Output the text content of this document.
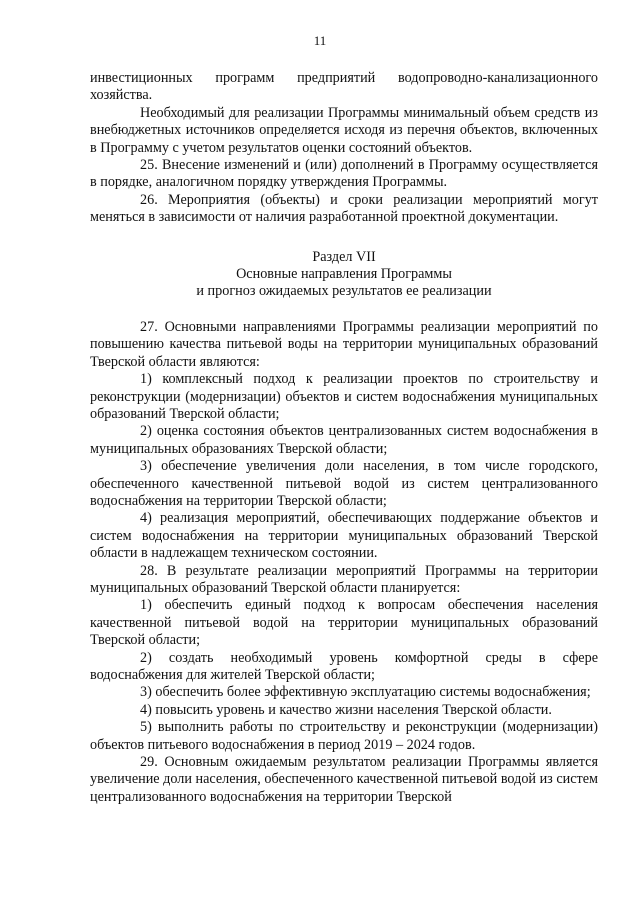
11

инвестиционных программ предприятий водопроводно-канализационного хозяйства.

Необходимый для реализации Программы минимальный объем средств из внебюджетных источников определяется исходя из перечня объектов, включенных в Программу с учетом результатов оценки состояний объектов.

25. Внесение изменений и (или) дополнений в Программу осуществляется в порядке, аналогичном порядку утверждения Программы.

26. Мероприятия (объекты) и сроки реализации мероприятий могут меняться в зависимости от наличия разработанной проектной документации.

Раздел VII

Основные направления Программы

и прогноз ожидаемых результатов ее реализации

27. Основными направлениями Программы реализации мероприятий по повышению качества питьевой воды на территории муниципальных образований Тверской области являются:

1) комплексный подход к реализации проектов по строительству и реконструкции (модернизации) объектов и систем водоснабжения муниципальных образований Тверской области;

2) оценка состояния объектов централизованных систем водоснабжения в муниципальных образованиях Тверской области;

3) обеспечение увеличения доли населения, в том числе городского, обеспеченного качественной питьевой водой из систем централизованного водоснабжения на территории Тверской области;

4) реализация мероприятий, обеспечивающих поддержание объектов и систем водоснабжения на территории муниципальных образований Тверской области в надлежащем техническом состоянии.

28. В результате реализации мероприятий Программы на территории муниципальных образований Тверской области планируется:

1) обеспечить единый подход к вопросам обеспечения населения качественной питьевой водой на территории муниципальных образований Тверской области;

2) создать необходимый уровень комфортной среды в сфере водоснабжения для жителей Тверской области;

3) обеспечить более эффективную эксплуатацию системы водоснабжения;

4) повысить уровень и качество жизни населения Тверской области.

5) выполнить работы по строительству и реконструкции (модернизации) объектов питьевого водоснабжения в период 2019 – 2024 годов.

29. Основным ожидаемым результатом реализации Программы является увеличение доли населения, обеспеченного качественной питьевой водой из систем централизованного водоснабжения на территории Тверской
